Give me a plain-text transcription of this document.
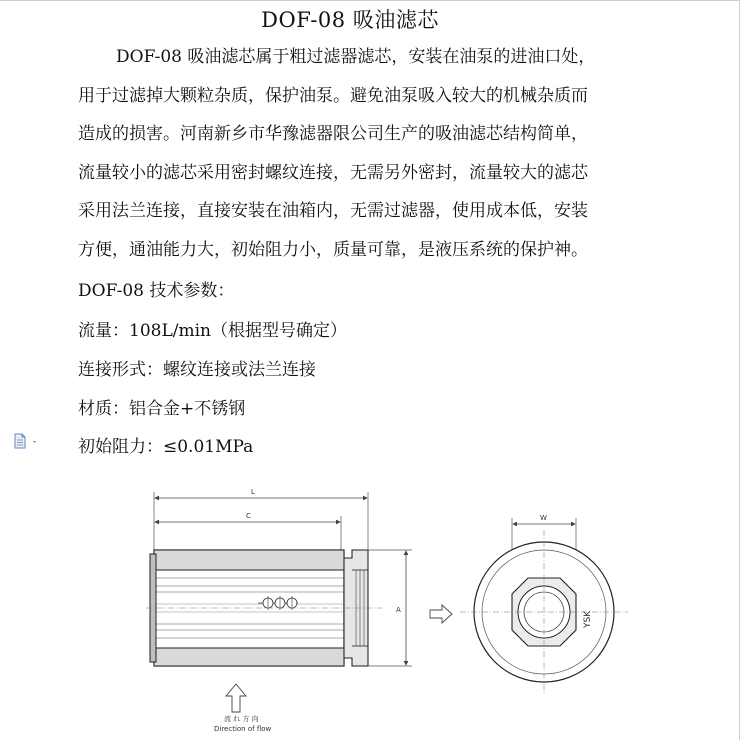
DOF-08 吸油滤芯
DOF-08 吸油滤芯属于粗过滤器滤芯，安装在油泵的进油口处，
用于过滤掉大颗粒杂质，保护油泵。避免油泵吸入较大的机械杂质而
造成的损害。河南新乡市华豫滤器限公司生产的吸油滤芯结构简单，
流量较小的滤芯采用密封螺纹连接，无需另外密封，流量较大的滤芯
采用法兰连接，直接安装在油箱内，无需过滤器，使用成本低，安装
方便，通油能力大，初始阻力小，质量可靠，是液压系统的保护神。
DOF-08 技术参数：
流量：108L/min（根据型号确定）
连接形式：螺纹连接或法兰连接
材质：铝合金+不锈钢
初始阻力：≤0.01MPa
L
C
A
W
YSK
流 れ 方 向
Direction of flow
